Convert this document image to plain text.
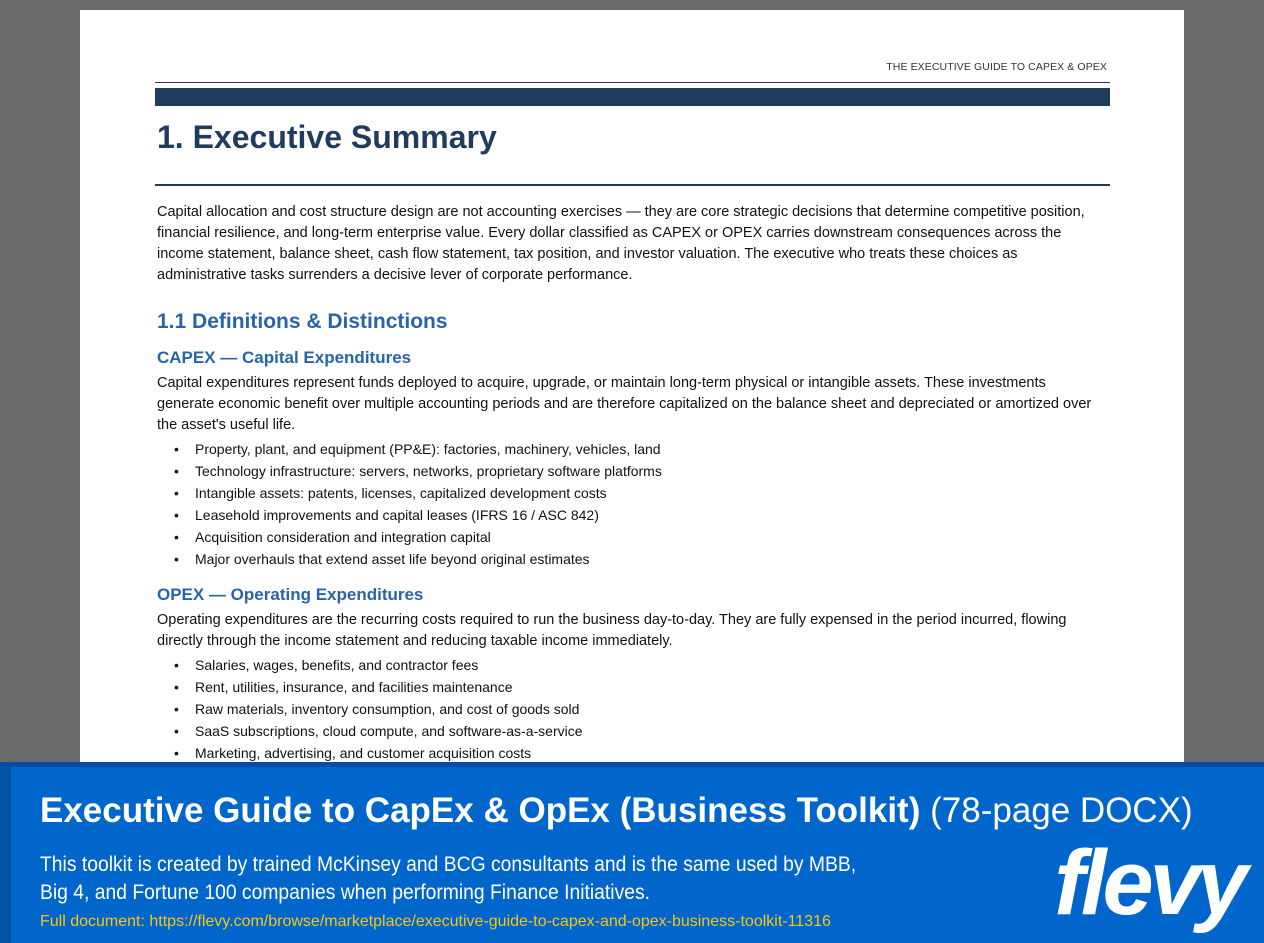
THE EXECUTIVE GUIDE TO CAPEX & OPEX
1. Executive Summary

Capital allocation and cost structure design are not accounting exercises — they are core strategic decisions that determine competitive position, financial resilience, and long-term enterprise value. Every dollar classified as CAPEX or OPEX carries downstream consequences across the income statement, balance sheet, cash flow statement, tax position, and investor valuation. The executive who treats these choices as administrative tasks surrenders a decisive lever of corporate performance.

1.1 Definitions & Distinctions
CAPEX — Capital Expenditures

Capital expenditures represent funds deployed to acquire, upgrade, or maintain long-term physical or intangible assets. These investments generate economic benefit over multiple accounting periods and are therefore capitalized on the balance sheet and depreciated or amortized over the asset's useful life.

• Property, plant, and equipment (PP&E): factories, machinery, vehicles, land
• Technology infrastructure: servers, networks, proprietary software platforms
• Intangible assets: patents, licenses, capitalized development costs
• Leasehold improvements and capital leases (IFRS 16 / ASC 842)
• Acquisition consideration and integration capital
• Major overhauls that extend asset life beyond original estimates
OPEX — Operating Expenditures

Operating expenditures are the recurring costs required to run the business day-to-day. They are fully expensed in the period incurred, flowing directly through the income statement and reducing taxable income immediately.

• Salaries, wages, benefits, and contractor fees
• Rent, utilities, insurance, and facilities maintenance
• Raw materials, inventory consumption, and cost of goods sold
• SaaS subscriptions, cloud compute, and software-as-a-service
• Marketing, advertising, and customer acquisition costs
Executive Guide to CapEx & OpEx (Business Toolkit) (78-page DOCX)

This toolkit is created by trained McKinsey and BCG consultants and is the same used by MBB,
Big 4, and Fortune 100 companies when performing Finance Initiatives.

Full document: https://flevy.com/browse/marketplace/executive-guide-to-capex-and-opex-business-toolkit-11316 flevy
